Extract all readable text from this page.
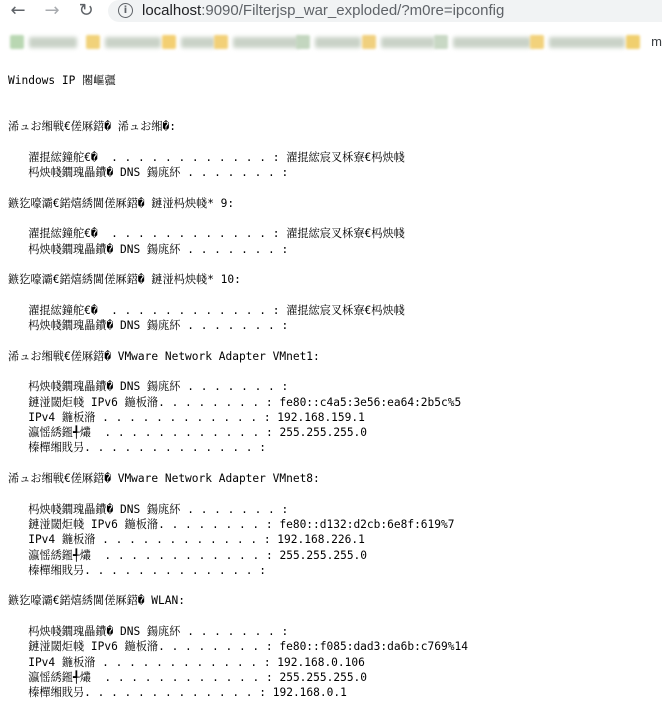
← → ↻	i localhost:9090/Filterjsp_war_exploded/?m0re=ipconfig
m

Windows IP 闂嶇疆

浠ュお缃戦€傞厤鍣� 浠ュお缃�:

濯掍綋鐘舵€�  . . . . . . . . . . . . : 濯掍綋宸叉柇寮€杩炴帴
杩炴帴鐗瑰畾鐨� DNS 鍚庣紑 . . . . . . . :

鏃犵嚎灞€鍩熺綉閫傞厤鍣� 鏈湴杩炴帴* 9:

濯掍綋鐘舵€�  . . . . . . . . . . . . : 濯掍綋宸叉柇寮€杩炴帴
杩炴帴鐗瑰畾鐨� DNS 鍚庣紑 . . . . . . . :

鏃犵嚎灞€鍩熺綉閫傞厤鍣� 鏈湴杩炴帴* 10:

濯掍綋鐘舵€�  . . . . . . . . . . . . : 濯掍綋宸叉柇寮€杩炴帴
杩炴帴鐗瑰畾鐨� DNS 鍚庣紑 . . . . . . . :

浠ュお缃戦€傞厤鍣� VMware Network Adapter VMnet1:

杩炴帴鐗瑰畾鐨� DNS 鍚庣紑 . . . . . . . :
鏈湴閾炬帴 IPv6 鍦板潃. . . . . . . . : fe80::c4a5:3e56:ea64:2b5c%5
IPv4 鍦板潃 . . . . . . . . . . . . : 192.168.159.1
瀛愮綉鎺╃爜  . . . . . . . . . . . . : 255.255.255.0
榛樿缃戝叧. . . . . . . . . . . . . :

浠ュお缃戦€傞厤鍣� VMware Network Adapter VMnet8:

杩炴帴鐗瑰畾鐨� DNS 鍚庣紑 . . . . . . . :
鏈湴閾炬帴 IPv6 鍦板潃. . . . . . . . : fe80::d132:d2cb:6e8f:619%7
IPv4 鍦板潃 . . . . . . . . . . . . : 192.168.226.1
瀛愮綉鎺╃爜  . . . . . . . . . . . . : 255.255.255.0
榛樿缃戝叧. . . . . . . . . . . . . :

鏃犵嚎灞€鍩熺綉閫傞厤鍣� WLAN:

杩炴帴鐗瑰畾鐨� DNS 鍚庣紑 . . . . . . . :
鏈湴閾炬帴 IPv6 鍦板潃. . . . . . . . : fe80::f085:dad3:da6b:c769%14
IPv4 鍦板潃 . . . . . . . . . . . . : 192.168.0.106
瀛愮綉鎺╃爜  . . . . . . . . . . . . : 255.255.255.0
榛樿缃戝叧. . . . . . . . . . . . . : 192.168.0.1
